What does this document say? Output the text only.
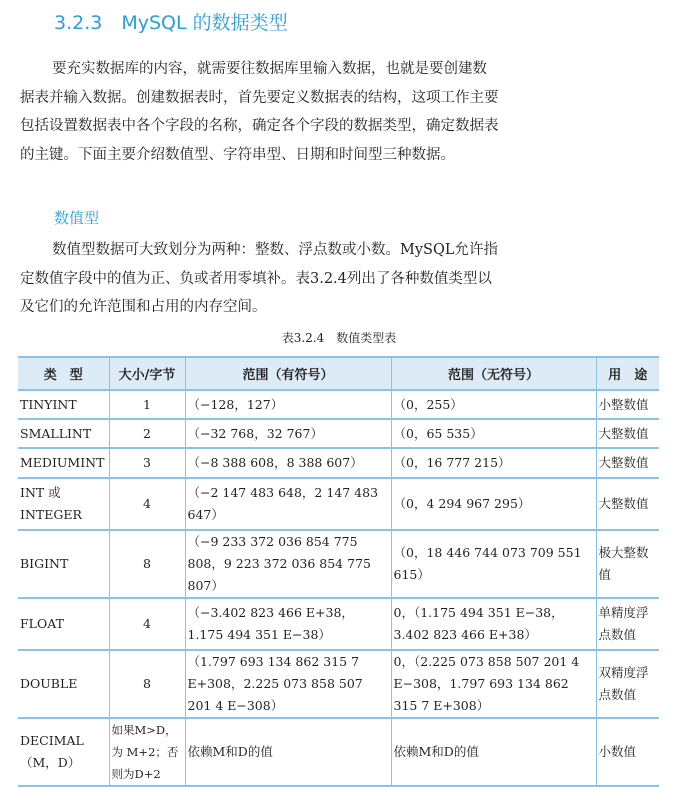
3.2.3　MySQL 的数据类型
要充实数据库的内容，就需要往数据库里输入数据，也就是要创建数据表并输入数据。创建数据表时，首先要定义数据表的结构，这项工作主要包括设置数据表中各个字段的名称，确定各个字段的数据类型，确定数据表的主键。下面主要介绍数值型、字符串型、日期和时间型三种数据。
数值型
数值型数据可大致划分为两种：整数、浮点数或小数。MySQL允许指定数值字段中的值为正、负或者用零填补。表3.2.4列出了各种数值类型以及它们的允许范围和占用的内存空间。
表3.2.4　数值类型表
类　型	大小/字节	范围（有符号）	范围（无符号）	用　途
TINYINT	1	（−128，127）	（0，255）	小整数值
SMALLINT	2	（−32 768，32 767）	（0，65 535）	大整数值
MEDIUMINT	3	（−8 388 608，8 388 607）	（0，16 777 215）	大整数值
INT 或INTEGER	4	（−2 147 483 648，2 147 483 647）	（0，4 294 967 295）	大整数值
BIGINT	8	（−9 233 372 036 854 775 808，9 223 372 036 854 775 807）	（0，18 446 744 073 709 551 615）	极大整数值
FLOAT	4	（−3.402 823 466 E+38，1.175 494 351 E−38）	0，（1.175 494 351 E−38，3.402 823 466 E+38）	单精度浮点数值
DOUBLE	8	（1.797 693 134 862 315 7 E+308，2.225 073 858 507 201 4 E−308）	0，（2.225 073 858 507 201 4 E−308，1.797 693 134 862 315 7 E+308）	双精度浮点数值
DECIMAL（M，D）	如果M>D，为 M+2；否则为D+2	依赖M和D的值	依赖M和D的值	小数值
